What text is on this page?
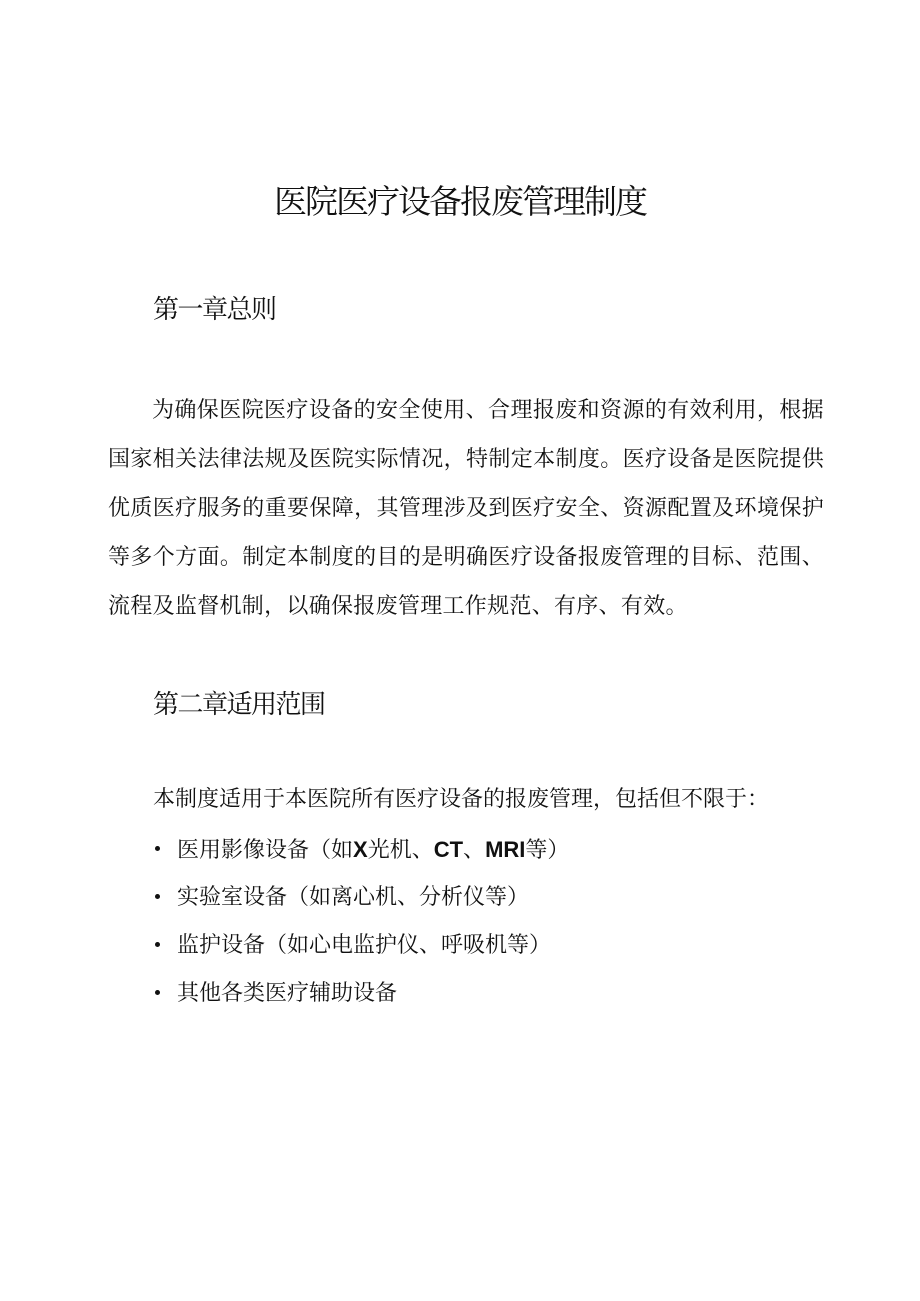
医院医疗设备报废管理制度
第一章总则

为确保医院医疗设备的安全使用、合理报废和资源的有效利用，根据国家相关法律法规及医院实际情况，特制定本制度。医疗设备是医院提供优质医疗服务的重要保障，其管理涉及到医疗安全、资源配置及环境保护等多个方面。制定本制度的目的是明确医疗设备报废管理的目标、范围、流程及监督机制，以确保报废管理工作规范、有序、有效。

第二章适用范围

本制度适用于本医院所有医疗设备的报废管理，包括但不限于：

医用影像设备（如X光机、CT、MRI等）
实验室设备（如离心机、分析仪等）
监护设备（如心电监护仪、呼吸机等）
其他各类医疗辅助设备
